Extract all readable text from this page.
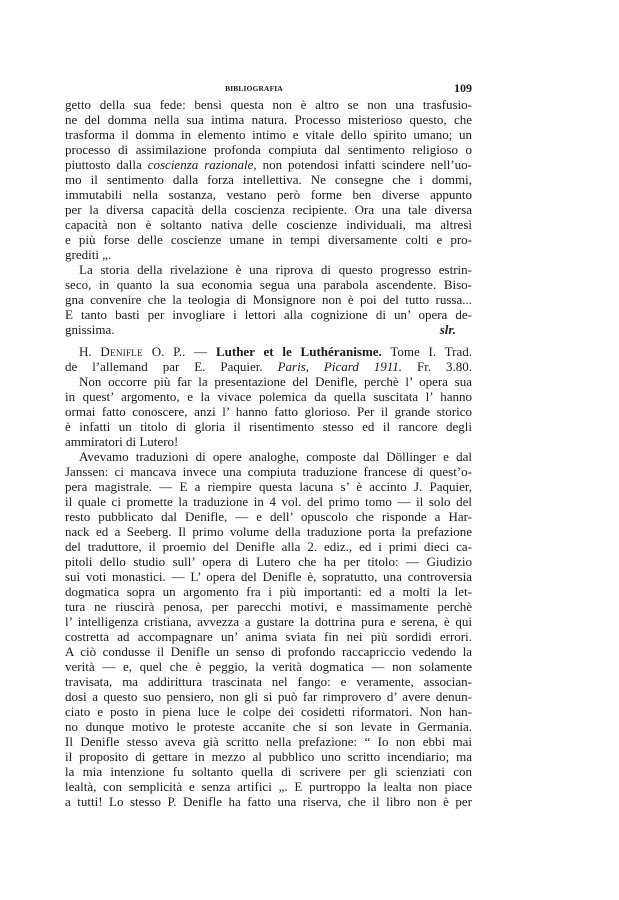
BIBLIOGRAFIA	109
getto della sua fede: bensì questa non è altro se non una trasfusio-
ne del domma nella sua intima natura. Processo misterioso questo, che
trasforma il domma in elemento intimo e vitale dello spirito umano; un
processo di assimilazione profonda compiuta dal sentimento religioso o
piuttosto dalla coscienza razionale, non potendosi infatti scindere nell’uo-
mo il sentimento dalla forza intellettiva. Ne consegne che i dommi,
immutabili nella sostanza, vestano però forme ben diverse appunto
per la diversa capacità della coscienza recipiente. Ora una tale diversa
capacità non è soltanto nativa delle coscienze individuali, ma altresì
e più forse delle coscienze umane in tempi diversamente colti e pro-
grediti „.
La storia della rivelazione è una riprova di questo progresso estrin-
seco, in quanto la sua economia segua una parabola ascendente. Biso-
gna convenire che la teologia di Monsignore non è poi del tutto russa...
E tanto basti per invogliare i lettori alla cognizione di un’ opera de-
gnissima.	slr.
H. Denifle O. P.. — Luther et le Luthéranisme. Tome I. Trad.
de l’allemand par E. Paquier. Paris, Picard 1911. Fr. 3.80.
Non occorre più far la presentazione del Denifle, perchè l’ opera sua
in quest’ argomento, e la vivace polemica da quella suscitata l’ hanno
ormai fatto conoscere, anzi l’ hanno fatto glorioso. Per il grande storico
è infatti un titolo di gloria il risentimento stesso ed il rancore degli
ammiratori di Lutero!
Avevamo traduzioni di opere analoghe, composte dal Döllinger e dal
Janssen: ci mancava invece una compiuta traduzione francese di quest’o-
pera magistrale. — E a riempire questa lacuna s’ è accinto J. Paquier,
il quale ci promette la traduzione in 4 vol. del primo tomo — il solo del
resto pubblicato dal Denifle, — e dell’ opuscolo che risponde a Har-
nack ed a Seeberg. Il primo volume della traduzione porta la prefazione
del traduttore, il proemio del Denifle alla 2. ediz., ed i primi dieci ca-
pitoli dello studio sull’ opera di Lutero che ha per titolo: — Giudizio
sui voti monastici. — L’ opera del Denifle è, sopratutto, una controversia
dogmatica sopra un argomento fra i più importanti: ed a molti la let-
tura ne riuscirà penosa, per parecchi motivi, e massimamente perchè
l’ intelligenza cristiana, avvezza a gustare la dottrina pura e serena, è qui
costretta ad accompagnare un’ anima sviata fin nei più sordidi errori.
A ciò condusse il Denifle un senso di profondo raccapriccio vedendo la
verità — e, quel che è peggio, la verità dogmatica — non solamente
travisata, ma addirittura trascinata nel fango: e veramente, associan-
dosi a questo suo pensiero, non gli si può far rimprovero d’ avere denun-
ciato e posto in piena luce le colpe dei cosidetti riformatori. Non han-
no dunque motivo le proteste accanite che si son levate in Germania.
Il Denifle stesso aveva già scritto nella prefazione: “ Io non ebbi mai
il proposito di gettare in mezzo al pubblico uno scritto incendiario; ma
la mia intenzione fu soltanto quella di scrivere per gli scienziati con
lealtà, con semplicità e senza artifici „. E purtroppo la lealta non piace
a tutti! Lo stesso P. Denifle ha fatto una riserva, che il libro non è per
